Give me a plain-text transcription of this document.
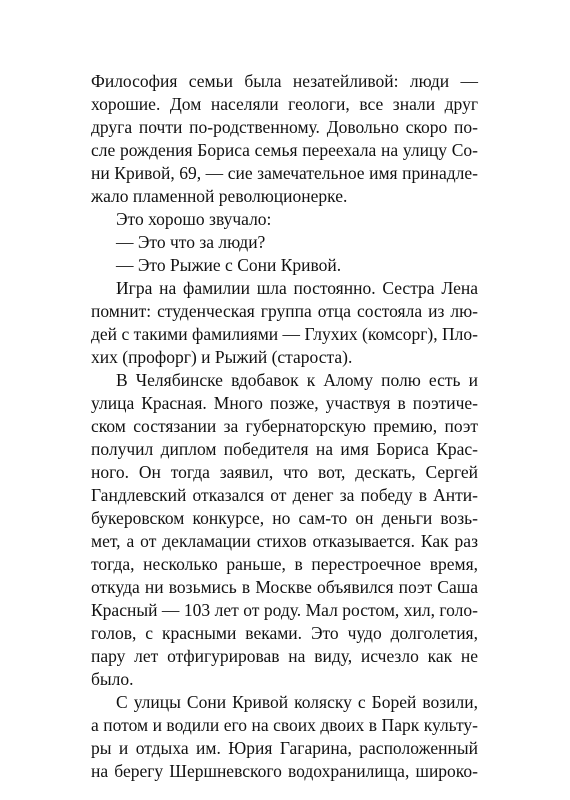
Философия семьи была незатейливой: люди —
хорошие. Дом населяли геологи, все знали друг
друга почти по-родственному. Довольно скоро по-
сле рождения Бориса семья переехала на улицу Со-
ни Кривой, 69, — сие замечательное имя принадле-
жало пламенной революционерке.
Это хорошо звучало:
— Это что за люди?
— Это Рыжие с Сони Кривой.
Игра на фамилии шла постоянно. Сестра Лена
помнит: студенческая группа отца состояла из лю-
дей с такими фамилиями — Глухих (комсорг), Пло-
хих (профорг) и Рыжий (староста).
В Челябинске вдобавок к Алому полю есть и
улица Красная. Много позже, участвуя в поэтиче-
ском состязании за губернаторскую премию, поэт
получил диплом победителя на имя Бориса Крас-
ного. Он тогда заявил, что вот, дескать, Сергей
Гандлевский отказался от денег за победу в Анти-
букеровском конкурсе, но сам-то он деньги возь-
мет, а от декламации стихов отказывается. Как раз
тогда, несколько раньше, в перестроечное время,
откуда ни возьмись в Москве объявился поэт Саша
Красный — 103 лет от роду. Мал ростом, хил, голо-
голов, с красными веками. Это чудо долголетия,
пару лет отфигурировав на виду, исчезло как не
было.
С улицы Сони Кривой коляску с Борей возили,
а потом и водили его на своих двоих в Парк культу-
ры и отдыха им. Юрия Гагарина, расположенный
на берегу Шершневского водохранилища, широко-
